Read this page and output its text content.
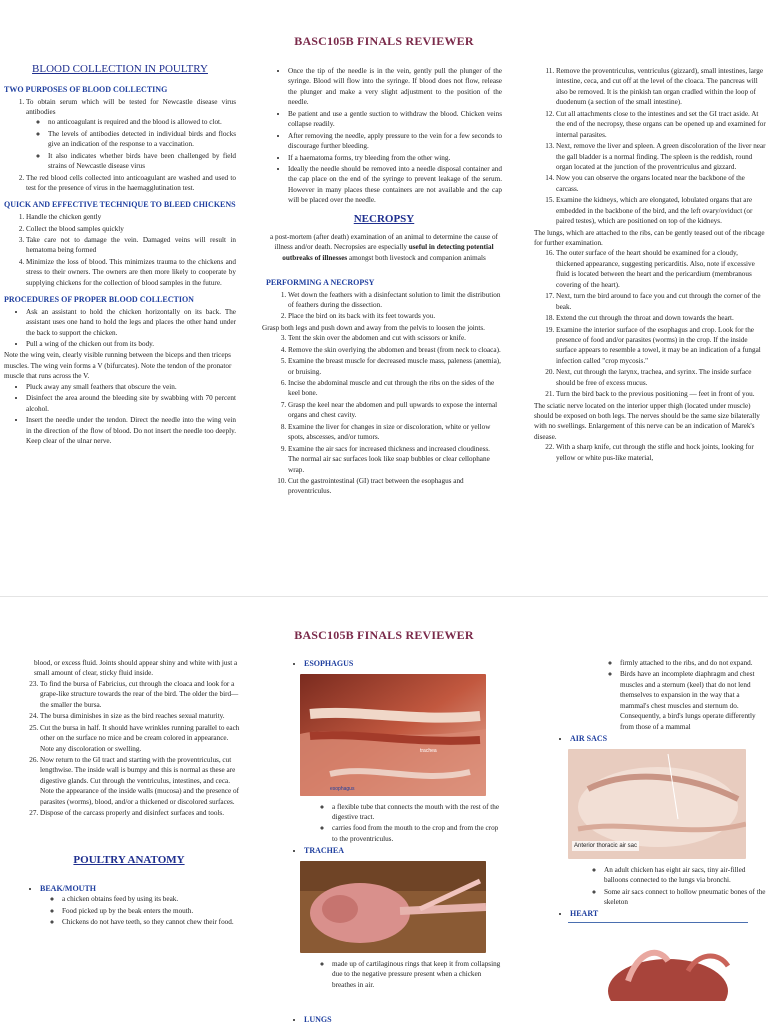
BASC105B FINALS REVIEWER
BLOOD COLLECTION IN POULTRY
TWO PURPOSES OF BLOOD COLLECTING
1. To obtain serum which will be tested for Newcastle disease virus antibodies
◦ no anticoagulant is required and the blood is allowed to clot.
◦ The levels of antibodies detected in individual birds and flocks give an indication of the response to a vaccination.
◦ It also indicates whether birds have been challenged by field strains of Newcastle disease virus
2. The red blood cells collected into anticoagulant are washed and used to test for the presence of virus in the haemagglutination test.
QUICK AND EFFECTIVE TECHNIQUE TO BLEED CHICKENS
1. Handle the chicken gently
2. Collect the blood samples quickly
3. Take care not to damage the vein. Damaged veins will result in hematoma being formed
4. Minimize the loss of blood. This minimizes trauma to the chickens and stress to their owners. The owners are then more likely to cooperate by supplying chickens for the collection of blood samples in the future.
PROCEDURES OF PROPER BLOOD COLLECTION
• Ask an assistant to hold the chicken horizontally on its back. The assistant uses one hand to hold the legs and places the other hand under the back to support the chicken.
• Pull a wing of the chicken out from its body.

Note the wing vein, clearly visible running between the biceps and then triceps muscles. The wing vein forms a V (bifurcates). Note the tendon of the pronator muscle that runs across the V.

• Pluck away any small feathers that obscure the vein.
• Disinfect the area around the bleeding site by swabbing with 70 percent alcohol.
• Insert the needle under the tendon. Direct the needle into the wing vein in the direction of the flow of blood. Do not insert the needle too deeply. Keep clear of the ulnar nerve.
• Once the tip of the needle is in the vein, gently pull the plunger of the syringe. Blood will flow into the syringe. If blood does not flow, release the plunger and make a very slight adjustment to the position of the needle.
• Be patient and use a gentle suction to withdraw the blood. Chicken veins collapse readily.
• After removing the needle, apply pressure to the vein for a few seconds to discourage further bleeding.
• If a haematoma forms, try bleeding from the other wing.
• Ideally the needle should be removed into a needle disposal container and the cap place on the end of the syringe to prevent leakage of the serum. However in many places these containers are not available and the cap will be placed over the needle.
NECROPSY

a post-mortem (after death) examination of an animal to determine the cause of illness and/or death. Necropsies are especially useful in detecting potential outbreaks of illnesses amongst both livestock and companion animals

PERFORMING A NECROPSY
1. Wet down the feathers with a disinfectant solution to limit the distribution of feathers during the dissection.
2. Place the bird on its back with its feet towards you.

Grasp both legs and push down and away from the pelvis to loosen the joints.

3. Tent the skin over the abdomen and cut with scissors or knife.
4. Remove the skin overlying the abdomen and breast (from neck to cloaca).
5. Examine the breast muscle for decreased muscle mass, paleness (anemia), or bruising.
6. Incise the abdominal muscle and cut through the ribs on the sides of the keel bone.
7. Grasp the keel near the abdomen and pull upwards to expose the internal organs and chest cavity.
8. Examine the liver for changes in size or discoloration, white or yellow spots, abscesses, and/or tumors.
9. Examine the air sacs for increased thickness and increased cloudiness. The normal air sac surfaces look like soap bubbles or clear cellophane wrap.
10. Cut the gastrointestinal (GI) tract between the esophagus and proventriculus.
11. Remove the proventriculus, ventriculus (gizzard), small intestines, large intestine, ceca, and cut off at the level of the cloaca. The pancreas will also be removed. It is the pinkish tan organ cradled within the loop of duodenum (a section of the small intestine).
12. Cut all attachments close to the intestines and set the GI tract aside. At the end of the necropsy, these organs can be opened up and examined for internal parasites.
13. Next, remove the liver and spleen. A green discoloration of the liver near the gall bladder is a normal finding. The spleen is the reddish, round organ located at the junction of the proventriculus and gizzard.
14. Now you can observe the organs located near the backbone of the carcass.
15. Examine the kidneys, which are elongated, lobulated organs that are embedded in the backbone of the bird, and the left ovary/oviduct (or paired testes), which are positioned on top of the kidneys.

The lungs, which are attached to the ribs, can be gently teased out of the ribcage for further examination.

16. The outer surface of the heart should be examined for a cloudy, thickened appearance, suggesting pericarditis. Also, note if excessive fluid is located between the heart and the pericardium (membranous covering of the heart).
17. Next, turn the bird around to face you and cut through the corner of the beak.
18. Extend the cut through the throat and down towards the heart.
19. Examine the interior surface of the esophagus and crop. Look for the presence of food and/or parasites (worms) in the crop. If the inside surface appears to resemble a towel, it may be an indication of a fungal infection called "crop mycosis."
20. Next, cut through the larynx, trachea, and syrinx. The inside surface should be free of excess mucus.
21. Turn the bird back to the previous positioning — feet in front of you.

The sciatic nerve located on the interior upper thigh (located under muscle) should be exposed on both legs. The nerves should be the same size bilaterally with no swellings. Enlargement of this nerve can be an indication of Marek's disease.

22. With a sharp knife, cut through the stifle and hock joints, looking for yellow or white pus-like material,
BASC105B FINALS REVIEWER

blood, or excess fluid. Joints should appear shiny and white with just a small amount of clear, sticky fluid inside.

23. To find the bursa of Fabricius, cut through the cloaca and look for a grape-like structure towards the rear of the bird. The older the bird—the smaller the bursa.
24. The bursa diminishes in size as the bird reaches sexual maturity.
25. Cut the bursa in half. It should have wrinkles running parallel to each other on the surface no mice and be cream colored in appearance. Note any discoloration or swelling.
26. Now return to the GI tract and starting with the proventriculus, cut lengthwise. The inside wall is bumpy and this is normal as these are digestive glands. Cut through the ventriculus, intestines, and ceca. Note the appearance of the inside walls (mucosa) and the presence of parasites (worms), blood, and/or a thickened or discolored surfaces.
27. Dispose of the carcass properly and disinfect surfaces and tools.
POULTRY ANATOMY
• BEAK/MOUTH
◦ a chicken obtains feed by using its beak.
◦ Food picked up by the beak enters the mouth.
◦ Chickens do not have teeth, so they cannot chew their food.
• ESOPHAGUS
trachea
esophagus
◦ a flexible tube that connects the mouth with the rest of the digestive tract.
◦ carries food from the mouth to the crop and from the crop to the proventriculus.
• TRACHEA
◦ made up of cartilaginous rings that keep it from collapsing due to the negative pressure present when a chicken breathes in air.
• LUNGS
◦ firmly attached to the ribs, and do not expand.
◦ Birds have an incomplete diaphragm and chest muscles and a sternum (keel) that do not lend themselves to expansion in the way that a mammal's chest muscles and sternum do. Consequently, a bird's lungs operate differently from those of a mammal
• AIR SACS
Anterior thoracic air sac
◦ An adult chicken has eight air sacs, tiny air-filled balloons connected to the lungs via bronchi.
◦ Some air sacs connect to hollow pneumatic bones of the skeleton
• HEART
